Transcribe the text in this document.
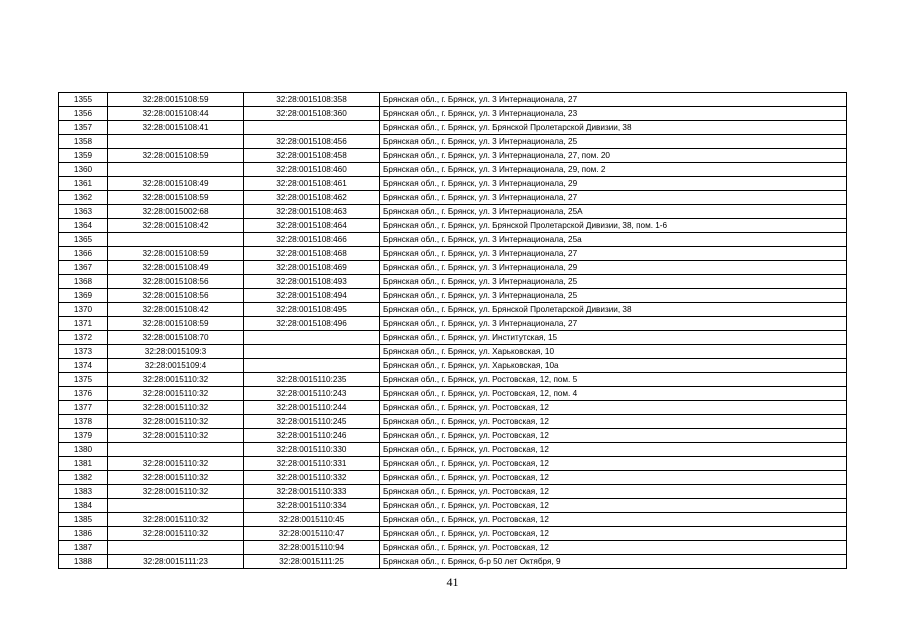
1355	32:28:0015108:59	32:28:0015108:358	Брянская обл., г. Брянск, ул. 3 Интернационала, 27
1356	32:28:0015108:44	32:28:0015108:360	Брянская обл., г. Брянск, ул. 3 Интернационала, 23
1357	32:28:0015108:41		Брянская обл., г. Брянск, ул. Брянской Пролетарской Дивизии, 38
1358		32:28:0015108:456	Брянская обл., г. Брянск, ул. 3 Интернационала, 25
1359	32:28:0015108:59	32:28:0015108:458	Брянская обл., г. Брянск, ул. 3 Интернационала, 27, пом. 20
1360		32:28:0015108:460	Брянская обл., г. Брянск, ул. 3 Интернационала, 29, пом. 2
1361	32:28:0015108:49	32:28:0015108:461	Брянская обл., г. Брянск, ул. 3 Интернационала, 29
1362	32:28:0015108:59	32:28:0015108:462	Брянская обл., г. Брянск, ул. 3 Интернационала, 27
1363	32:28:0015002:68	32:28:0015108:463	Брянская обл., г. Брянск, ул. 3 Интернационала, 25А
1364	32:28:0015108:42	32:28:0015108:464	Брянская обл., г. Брянск, ул. Брянской Пролетарской Дивизии, 38, пом. 1-6
1365		32:28:0015108:466	Брянская обл., г. Брянск, ул. 3 Интернационала, 25а
1366	32:28:0015108:59	32:28:0015108:468	Брянская обл., г. Брянск, ул. 3 Интернационала, 27
1367	32:28:0015108:49	32:28:0015108:469	Брянская обл., г. Брянск, ул. 3 Интернационала, 29
1368	32:28:0015108:56	32:28:0015108:493	Брянская обл., г. Брянск, ул. 3 Интернационала, 25
1369	32:28:0015108:56	32:28:0015108:494	Брянская обл., г. Брянск, ул. 3 Интернационала, 25
1370	32:28:0015108:42	32:28:0015108:495	Брянская обл., г. Брянск, ул. Брянской Пролетарской Дивизии, 38
1371	32:28:0015108:59	32:28:0015108:496	Брянская обл., г. Брянск, ул. 3 Интернационала, 27
1372	32:28:0015108:70		Брянская обл., г. Брянск, ул. Институтская, 15
1373	32:28:0015109:3		Брянская обл., г. Брянск, ул. Харьковская, 10
1374	32:28:0015109:4		Брянская обл., г. Брянск, ул. Харьковская, 10а
1375	32:28:0015110:32	32:28:0015110:235	Брянская обл., г. Брянск, ул. Ростовская, 12, пом. 5
1376	32:28:0015110:32	32:28:0015110:243	Брянская обл., г. Брянск, ул. Ростовская, 12, пом. 4
1377	32:28:0015110:32	32:28:0015110:244	Брянская обл., г. Брянск, ул. Ростовская, 12
1378	32:28:0015110:32	32:28:0015110:245	Брянская обл., г. Брянск, ул. Ростовская, 12
1379	32:28:0015110:32	32:28:0015110:246	Брянская обл., г. Брянск, ул. Ростовская, 12
1380		32:28:0015110:330	Брянская обл., г. Брянск, ул. Ростовская, 12
1381	32:28:0015110:32	32:28:0015110:331	Брянская обл., г. Брянск, ул. Ростовская, 12
1382	32:28:0015110:32	32:28:0015110:332	Брянская обл., г. Брянск, ул. Ростовская, 12
1383	32:28:0015110:32	32:28:0015110:333	Брянская обл., г. Брянск, ул. Ростовская, 12
1384		32:28:0015110:334	Брянская обл., г. Брянск, ул. Ростовская, 12
1385	32:28:0015110:32	32:28:0015110:45	Брянская обл., г. Брянск, ул. Ростовская, 12
1386	32:28:0015110:32	32:28:0015110:47	Брянская обл., г. Брянск, ул. Ростовская, 12
1387		32:28:0015110:94	Брянская обл., г. Брянск, ул. Ростовская, 12
1388	32:28:0015111:23	32:28:0015111:25	Брянская обл., г. Брянск, б-р 50 лет Октября, 9
41
